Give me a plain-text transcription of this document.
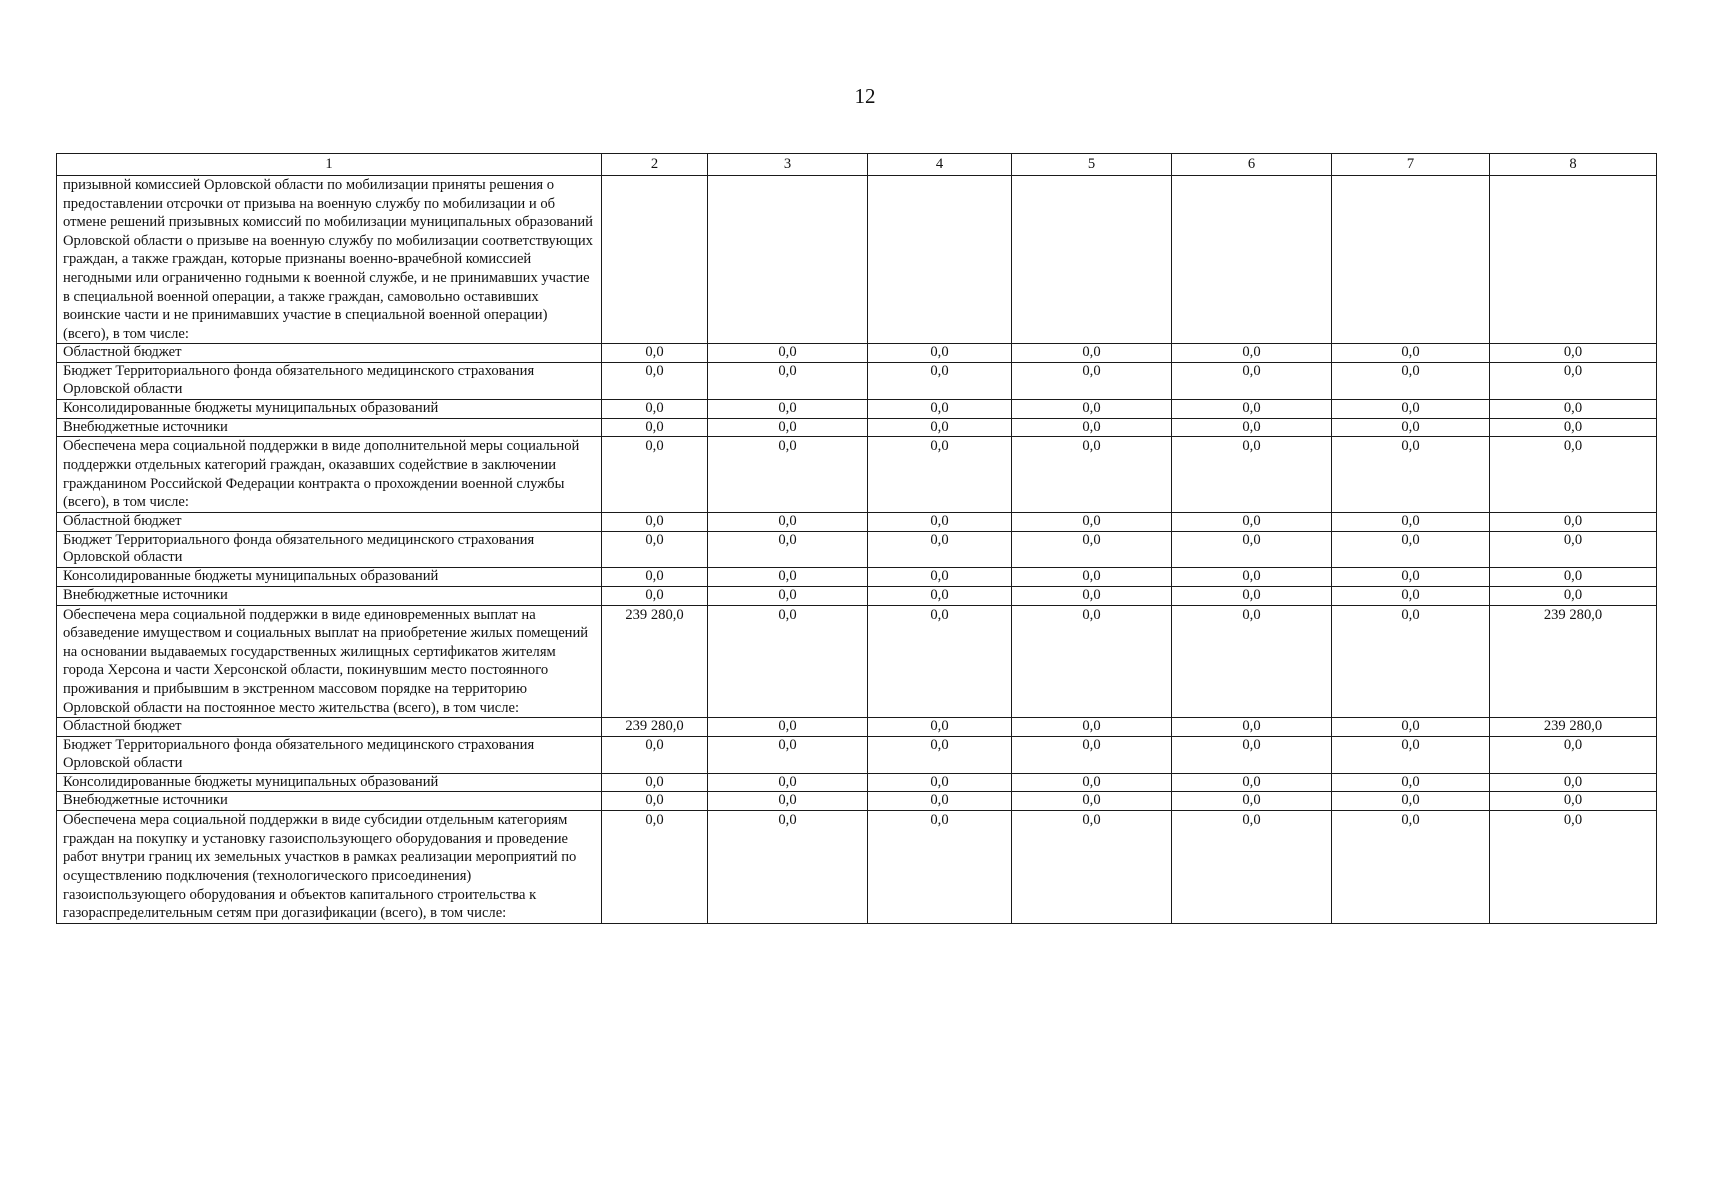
12
1	2	3	4	5	6	7	8
призывной комиссией Орловской области по мобилизации приняты решения о предоставлении отсрочки от призыва на военную службу по мобилизации и об отмене решений призывных комиссий по мобилизации муниципальных образований Орловской области о призыве на военную службу по мобилизации соответствующих граждан, а также граждан, которые признаны военно-врачебной комиссией негодными или ограниченно годными к военной службе, и не принимавших участие в специальной военной операции, а также граждан, самовольно оставивших воинские части и не принимавших участие в специальной военной операции) (всего), в том числе:							
Областной бюджет	0,0	0,0	0,0	0,0	0,0	0,0	0,0
Бюджет Территориального фонда обязательного медицинского страхования Орловской области	0,0	0,0	0,0	0,0	0,0	0,0	0,0
Консолидированные бюджеты муниципальных образований	0,0	0,0	0,0	0,0	0,0	0,0	0,0
Внебюджетные источники	0,0	0,0	0,0	0,0	0,0	0,0	0,0
Обеспечена мера социальной поддержки в виде дополнительной меры социальной поддержки отдельных категорий граждан, оказавших содействие в заключении гражданином Российской Федерации контракта о прохождении военной службы (всего), в том числе:	0,0	0,0	0,0	0,0	0,0	0,0	0,0
Областной бюджет	0,0	0,0	0,0	0,0	0,0	0,0	0,0
Бюджет Территориального фонда обязательного медицинского страхования Орловской области	0,0	0,0	0,0	0,0	0,0	0,0	0,0
Консолидированные бюджеты муниципальных образований	0,0	0,0	0,0	0,0	0,0	0,0	0,0
Внебюджетные источники	0,0	0,0	0,0	0,0	0,0	0,0	0,0
Обеспечена мера социальной поддержки в виде единовременных выплат на обзаведение имуществом и социальных выплат на приобретение жилых помещений на основании выдаваемых государственных жилищных сертификатов жителям города Херсона и части Херсонской области, покинувшим место постоянного проживания и прибывшим в экстренном массовом порядке на территорию Орловской области на постоянное место жительства (всего), в том числе:	239 280,0	0,0	0,0	0,0	0,0	0,0	239 280,0
Областной бюджет	239 280,0	0,0	0,0	0,0	0,0	0,0	239 280,0
Бюджет Территориального фонда обязательного медицинского страхования Орловской области	0,0	0,0	0,0	0,0	0,0	0,0	0,0
Консолидированные бюджеты муниципальных образований	0,0	0,0	0,0	0,0	0,0	0,0	0,0
Внебюджетные источники	0,0	0,0	0,0	0,0	0,0	0,0	0,0
Обеспечена мера социальной поддержки в виде субсидии отдельным категориям граждан на покупку и установку газоиспользующего оборудования и проведение работ внутри границ их земельных участков в рамках реализации мероприятий по осуществлению подключения (технологического присоединения) газоиспользующего оборудования и объектов капитального строительства к газораспределительным сетям при догазификации (всего), в том числе:	0,0	0,0	0,0	0,0	0,0	0,0	0,0
